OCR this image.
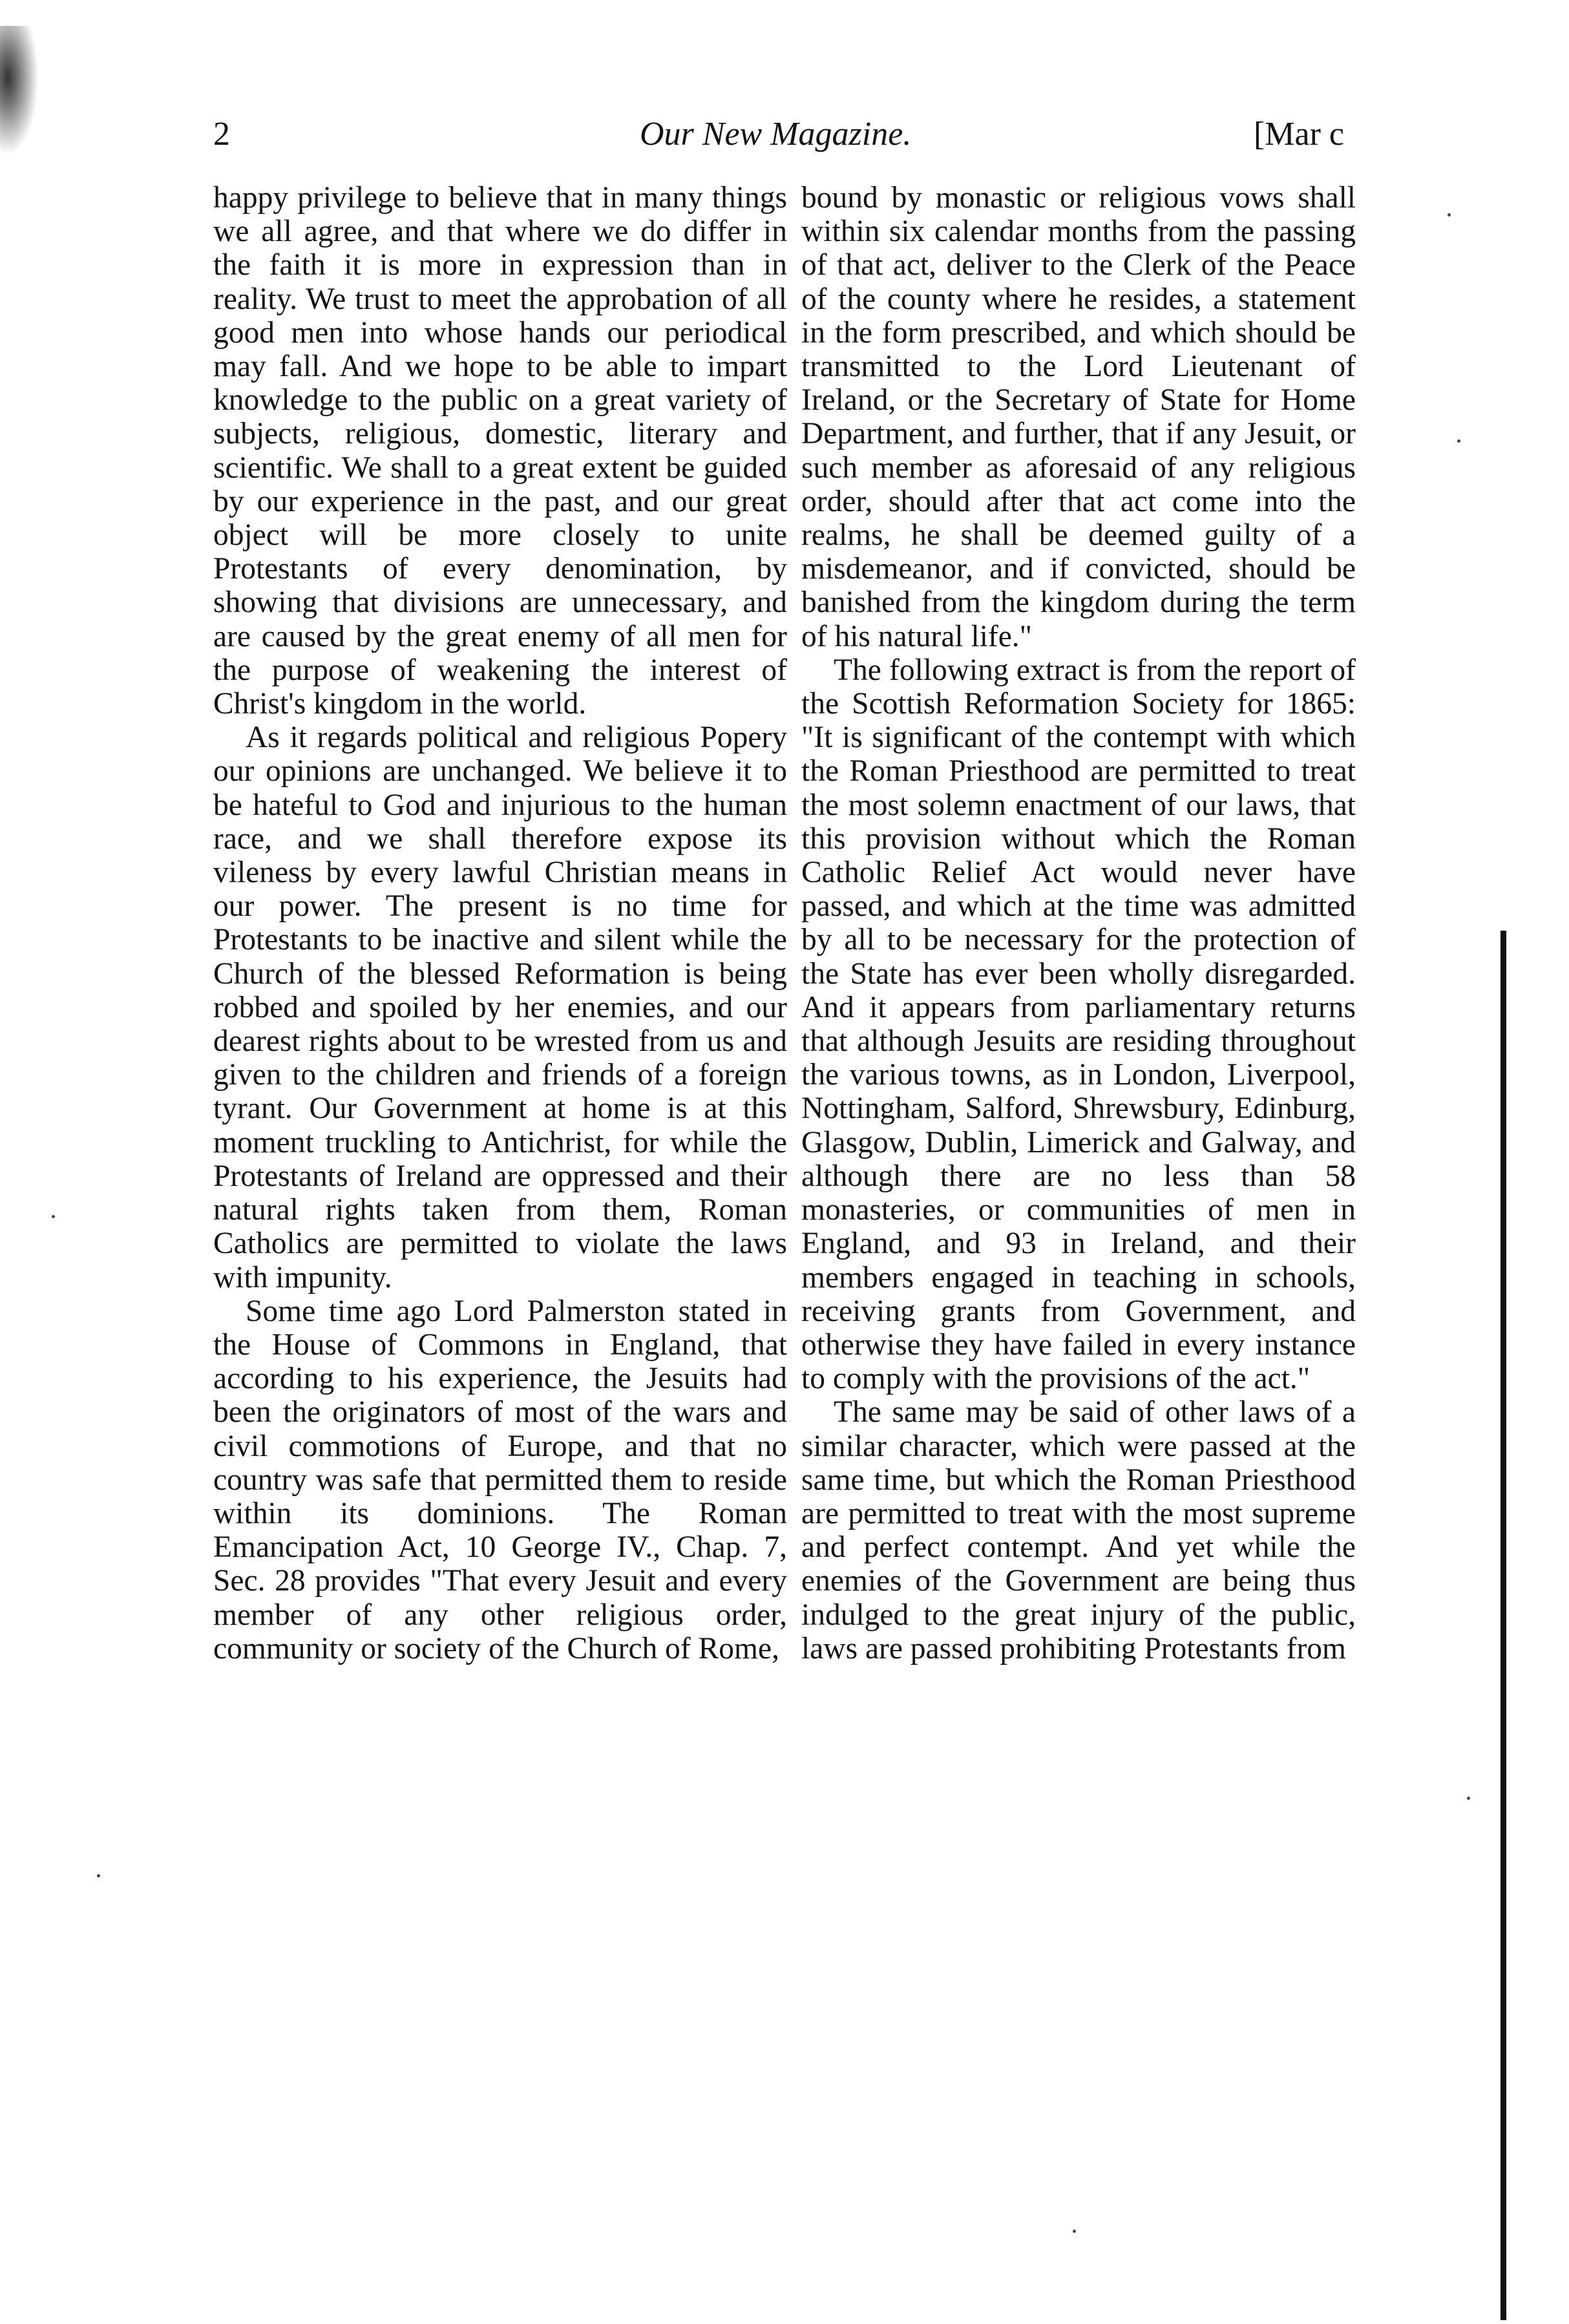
2	Our New Magazine.	[Mar c

happy privilege to believe that in many things we all agree, and that where we do differ in the faith it is more in expression than in reality. We trust to meet the approbation of all good men into whose hands our periodical may fall. And we hope to be able to impart knowledge to the public on a great variety of subjects, religious, domestic, literary and scientific. We shall to a great extent be guided by our experience in the past, and our great object will be more closely to unite Protestants of every denomination, by showing that divisions are unnecessary, and are caused by the great enemy of all men for the purpose of weakening the interest of Christ's kingdom in the world.

As it regards political and religious Popery our opinions are unchanged. We believe it to be hateful to God and injurious to the human race, and we shall therefore expose its vileness by every lawful Christian means in our power. The present is no time for Protestants to be inactive and silent while the Church of the blessed Reformation is being robbed and spoiled by her enemies, and our dearest rights about to be wrested from us and given to the children and friends of a foreign tyrant. Our Government at home is at this moment truckling to Antichrist, for while the Protestants of Ireland are oppressed and their natural rights taken from them, Roman Catholics are permitted to violate the laws with impunity.

Some time ago Lord Palmerston stated in the House of Commons in England, that according to his experience, the Jesuits had been the originators of most of the wars and civil commotions of Europe, and that no country was safe that permitted them to reside within its dominions. The Roman Emancipation Act, 10 George IV., Chap. 7, Sec. 28 provides "That every Jesuit and every member of any other religious order, community or society of the Church of Rome,

bound by monastic or religious vows shall within six calendar months from the passing of that act, deliver to the Clerk of the Peace of the county where he resides, a statement in the form prescribed, and which should be transmitted to the Lord Lieutenant of Ireland, or the Secretary of State for Home Department, and further, that if any Jesuit, or such member as aforesaid of any religious order, should after that act come into the realms, he shall be deemed guilty of a misdemeanor, and if convicted, should be banished from the kingdom during the term of his natural life."

The following extract is from the report of the Scottish Reformation Society for 1865: "It is significant of the contempt with which the Roman Priesthood are permitted to treat the most solemn enactment of our laws, that this provision without which the Roman Catholic Relief Act would never have passed, and which at the time was admitted by all to be necessary for the protection of the State has ever been wholly disregarded. And it appears from parliamentary returns that although Jesuits are residing throughout the various towns, as in London, Liverpool, Nottingham, Salford, Shrewsbury, Edinburg, Glasgow, Dublin, Limerick and Galway, and although there are no less than 58 monasteries, or communities of men in England, and 93 in Ireland, and their members engaged in teaching in schools, receiving grants from Government, and otherwise they have failed in every instance to comply with the provisions of the act."

The same may be said of other laws of a similar character, which were passed at the same time, but which the Roman Priesthood are permitted to treat with the most supreme and perfect contempt. And yet while the enemies of the Government are being thus indulged to the great injury of the public, laws are passed prohibiting Protestants from
